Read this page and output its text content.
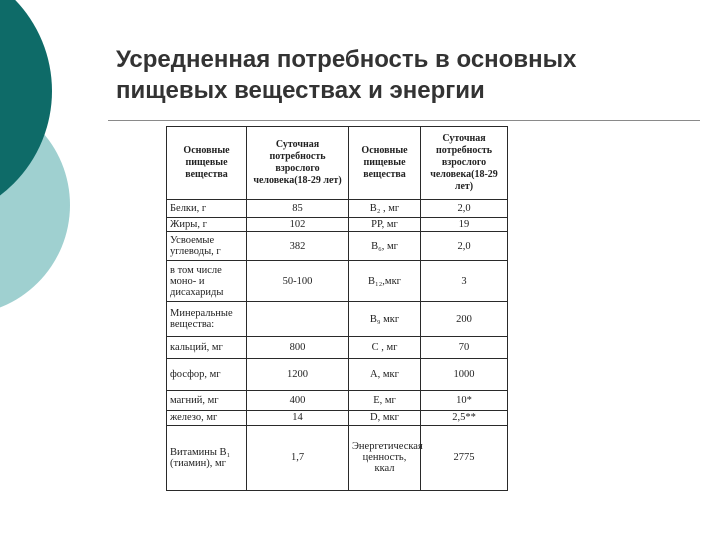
Усредненная потребность в основных
пищевых веществах и энергии
Основные пищевые вещества	Суточная потребность взрослого человека(18-29 лет)	Основные пищевые вещества	Суточная потребность взрослого человека(18-29 лет)
Белки, г	85	B₂ , мг	2,0
Жиры, г	102	PP, мг	19
Усвоемые углеводы, г	382	B₆, мг	2,0
в том числе моно- и дисахариды	50-100	B₁₂,мкг	3
Минеральные вещества:		B₉ мкг	200
кальций, мг	800	C , мг	70
фосфор, мг	1200	A, мкг	1000
магний, мг	400	E, мг	10*
железо, мг	14	D, мкг	2,5**
Витамины B₁ (тиамин), мг	1,7	Энергетическая ценность, ккал	2775
